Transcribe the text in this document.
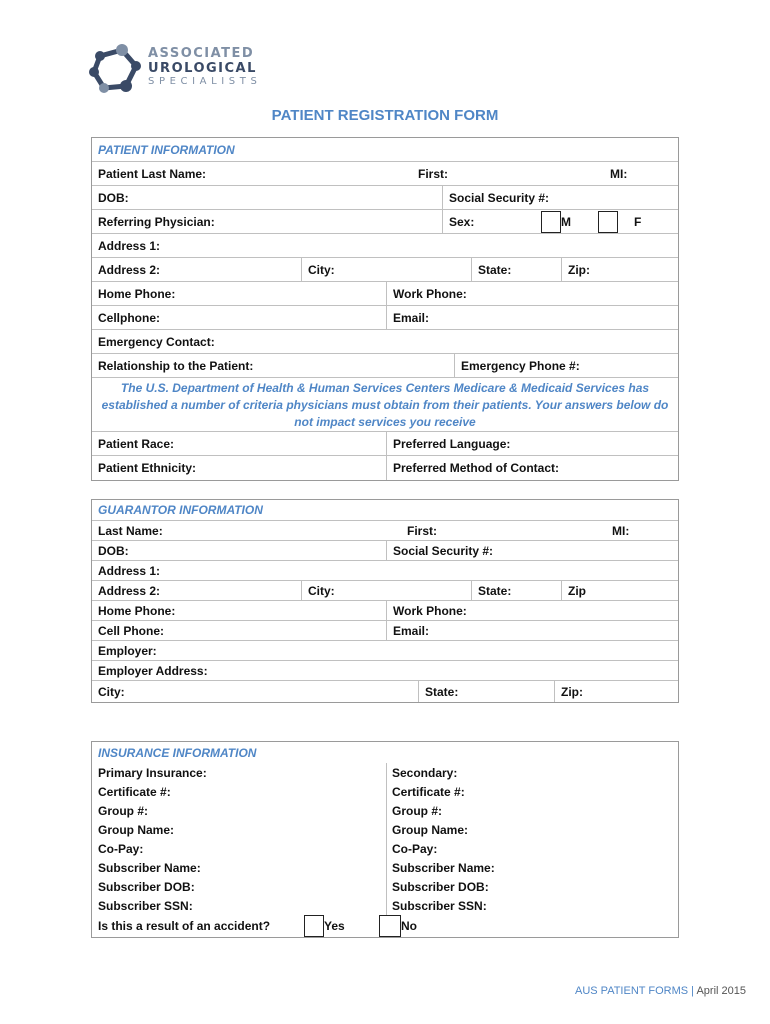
ASSOCIATED
UROLOGICAL
SPECIALISTS
PATIENT REGISTRATION FORM
PATIENT INFORMATION
Patient Last Name:	First:	MI:
DOB:	Social Security #:
Referring Physician:	Sex:	M	F
Address 1:
Address 2:	City:	State:	Zip:
Home Phone:	Work Phone:
Cellphone:	Email:
Emergency Contact:
Relationship to the Patient:	Emergency Phone #:
The U.S. Department of Health & Human Services Centers Medicare & Medicaid Services has established a number of criteria physicians must obtain from their patients. Your answers below do not impact services you receive
Patient Race:	Preferred Language:
Patient Ethnicity:	Preferred Method of Contact:
GUARANTOR INFORMATION
Last Name:	First:	MI:
DOB:	Social Security #:
Address 1:
Address 2:	City:	State:	Zip
Home Phone:	Work Phone:
Cell Phone:	Email:
Employer:
Employer Address:
City:	State:	Zip:
INSURANCE INFORMATION
Primary Insurance:	Secondary:
Certificate #:	Certificate #:
Group #:	Group #:
Group Name:	Group Name:
Co-Pay:	Co-Pay:
Subscriber Name:	Subscriber Name:
Subscriber DOB:	Subscriber DOB:
Subscriber SSN:	Subscriber SSN:
Is this a result of an accident?	Yes	No
AUS PATIENT FORMS | April 2015
